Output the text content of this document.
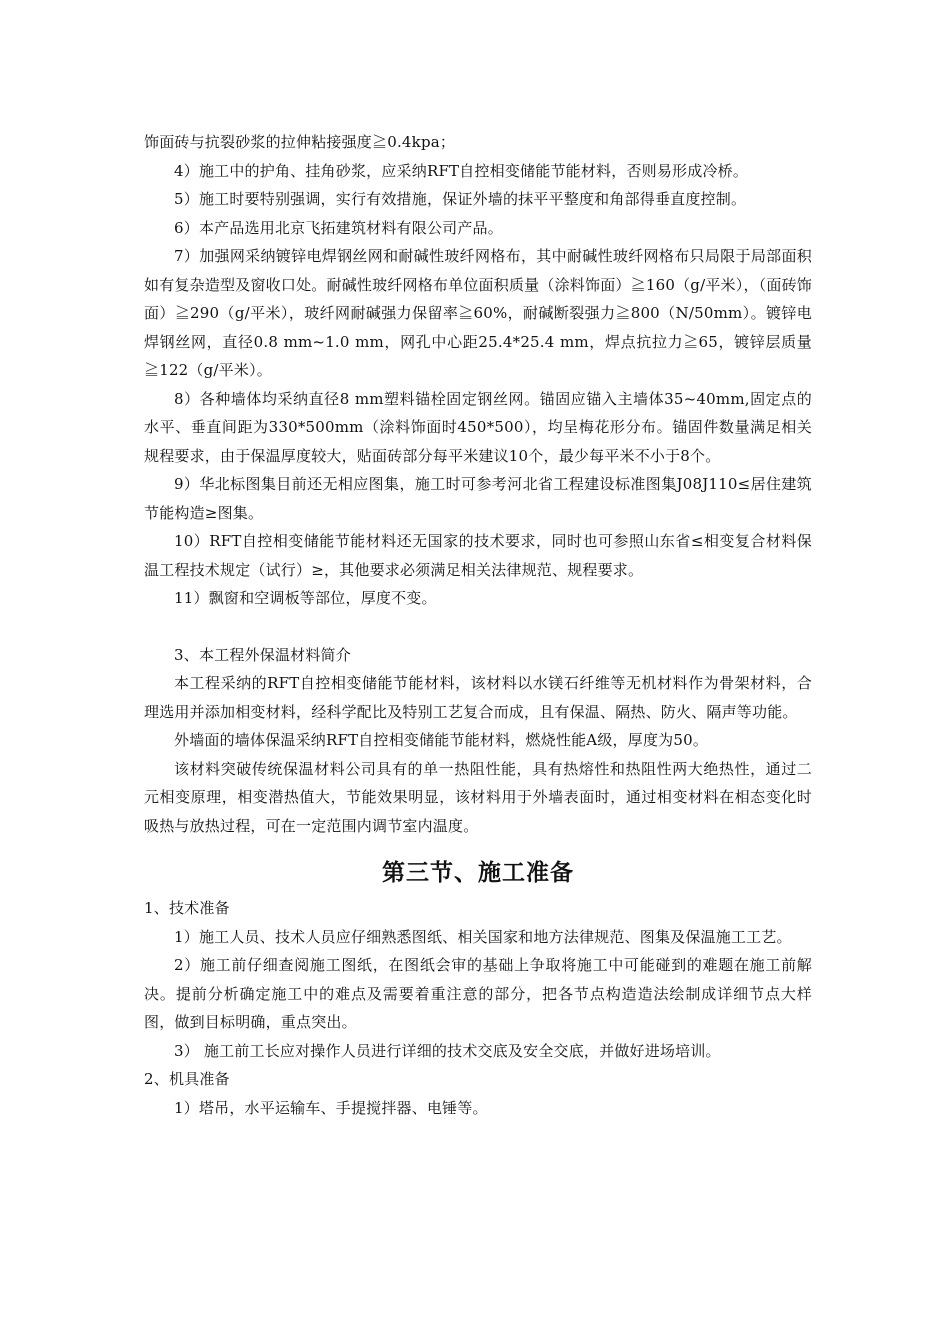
饰面砖与抗裂砂浆的拉伸粘接强度≧0.4kpa；

4）施工中的护角、挂角砂浆，应采纳RFT自控相变储能节能材料，否则易形成冷桥。

5）施工时要特别强调，实行有效措施，保证外墙的抹平平整度和角部得垂直度控制。

6）本产品选用北京飞拓建筑材料有限公司产品。

7）加强网采纳镀锌电焊钢丝网和耐碱性玻纤网格布，其中耐碱性玻纤网格布只局限于局部面积如有复杂造型及窗收口处。耐碱性玻纤网格布单位面积质量（涂料饰面）≧160（g/平米），（面砖饰面）≧290（g/平米），玻纤网耐碱强力保留率≧60%，耐碱断裂强力≧800（N/50mm）。镀锌电焊钢丝网，直径0.8 mm~1.0 mm，网孔中心距25.4*25.4 mm，焊点抗拉力≧65，镀锌层质量≧122（g/平米）。

8）各种墙体均采纳直径8 mm塑料锚栓固定钢丝网。锚固应锚入主墙体35~40mm,固定点的水平、垂直间距为330*500mm（涂料饰面时450*500），均呈梅花形分布。锚固件数量满足相关规程要求，由于保温厚度较大，贴面砖部分每平米建议10个，最少每平米不小于8个。

9）华北标图集目前还无相应图集，施工时可参考河北省工程建设标准图集J08J110≤居住建筑节能构造≥图集。

10）RFT自控相变储能节能材料还无国家的技术要求，同时也可参照山东省≤相变复合材料保温工程技术规定（试行）≥，其他要求必须满足相关法律规范、规程要求。

11）飘窗和空调板等部位，厚度不变。

3、本工程外保温材料简介

本工程采纳的RFT自控相变储能节能材料，该材料以水镁石纤维等无机材料作为骨架材料，合理选用并添加相变材料，经科学配比及特别工艺复合而成，且有保温、隔热、防火、隔声等功能。

外墙面的墙体保温采纳RFT自控相变储能节能材料，燃烧性能A级，厚度为50。

该材料突破传统保温材料公司具有的单一热阻性能，具有热熔性和热阻性两大绝热性，通过二元相变原理，相变潜热值大，节能效果明显，该材料用于外墙表面时，通过相变材料在相态变化时吸热与放热过程，可在一定范围内调节室内温度。

第三节、施工准备

1、技术准备

1）施工人员、技术人员应仔细熟悉图纸、相关国家和地方法律规范、图集及保温施工工艺。

2）施工前仔细查阅施工图纸，在图纸会审的基础上争取将施工中可能碰到的难题在施工前解决。提前分析确定施工中的难点及需要着重注意的部分，把各节点构造造法绘制成详细节点大样图，做到目标明确，重点突出。

3） 施工前工长应对操作人员进行详细的技术交底及安全交底，并做好进场培训。

2、机具准备

1）塔吊，水平运输车、手提搅拌器、电锤等。
